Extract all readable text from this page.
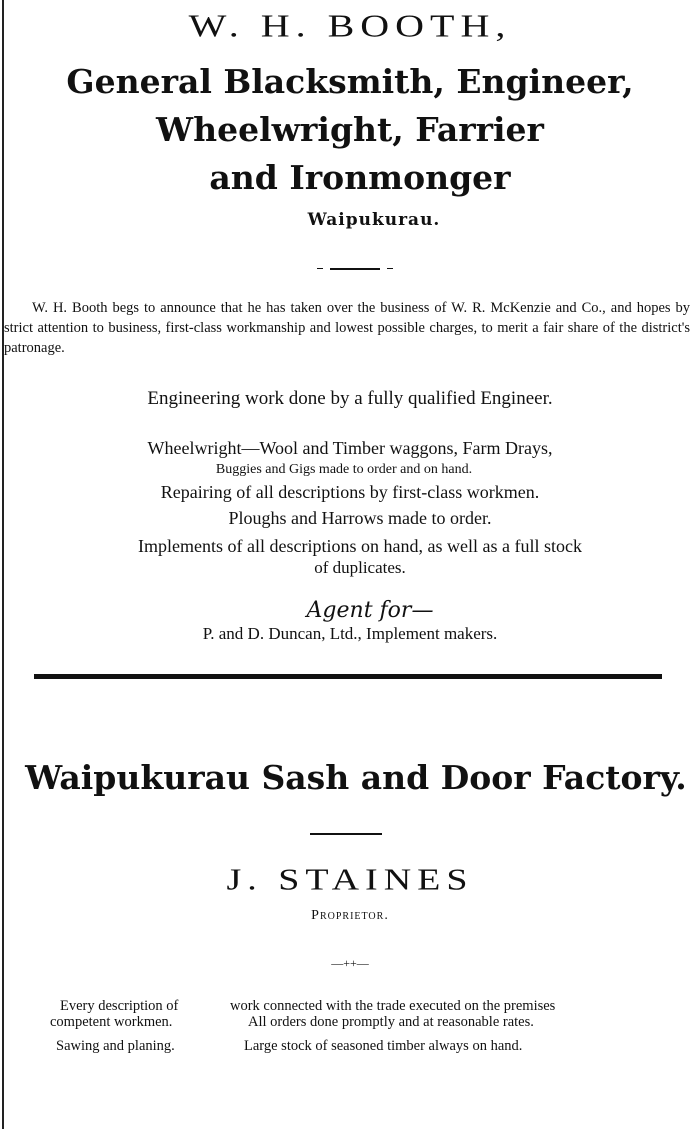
W. H. BOOTH,
General Blacksmith, Engineer,
Wheelwright, Farrier
and Ironmonger
Waipukurau.

W. H. Booth begs to announce that he has taken over the business of W. R. McKenzie and Co., and hopes by strict attention to business, first-class workmanship and lowest possible charges, to merit a fair share of the district's patronage.

Engineering work done by a fully qualified Engineer.
Wheelwright—Wool and Timber waggons, Farm Drays,
Buggies and Gigs made to order and on hand.
Repairing of all descriptions by first-class workmen.
Ploughs and Harrows made to order.
Implements of all descriptions on hand, as well as a full stock
of duplicates.
Agent for—
P. and D. Duncan, Ltd., Implement makers.
Waipukurau Sash and Door Factory.
J. STAINES
Proprietor.
—++—
Every description of	work connected with the trade executed on the premises
competent workmen.	All orders done promptly and at reasonable rates.
Sawing and planing.	Large stock of seasoned timber always on hand.
